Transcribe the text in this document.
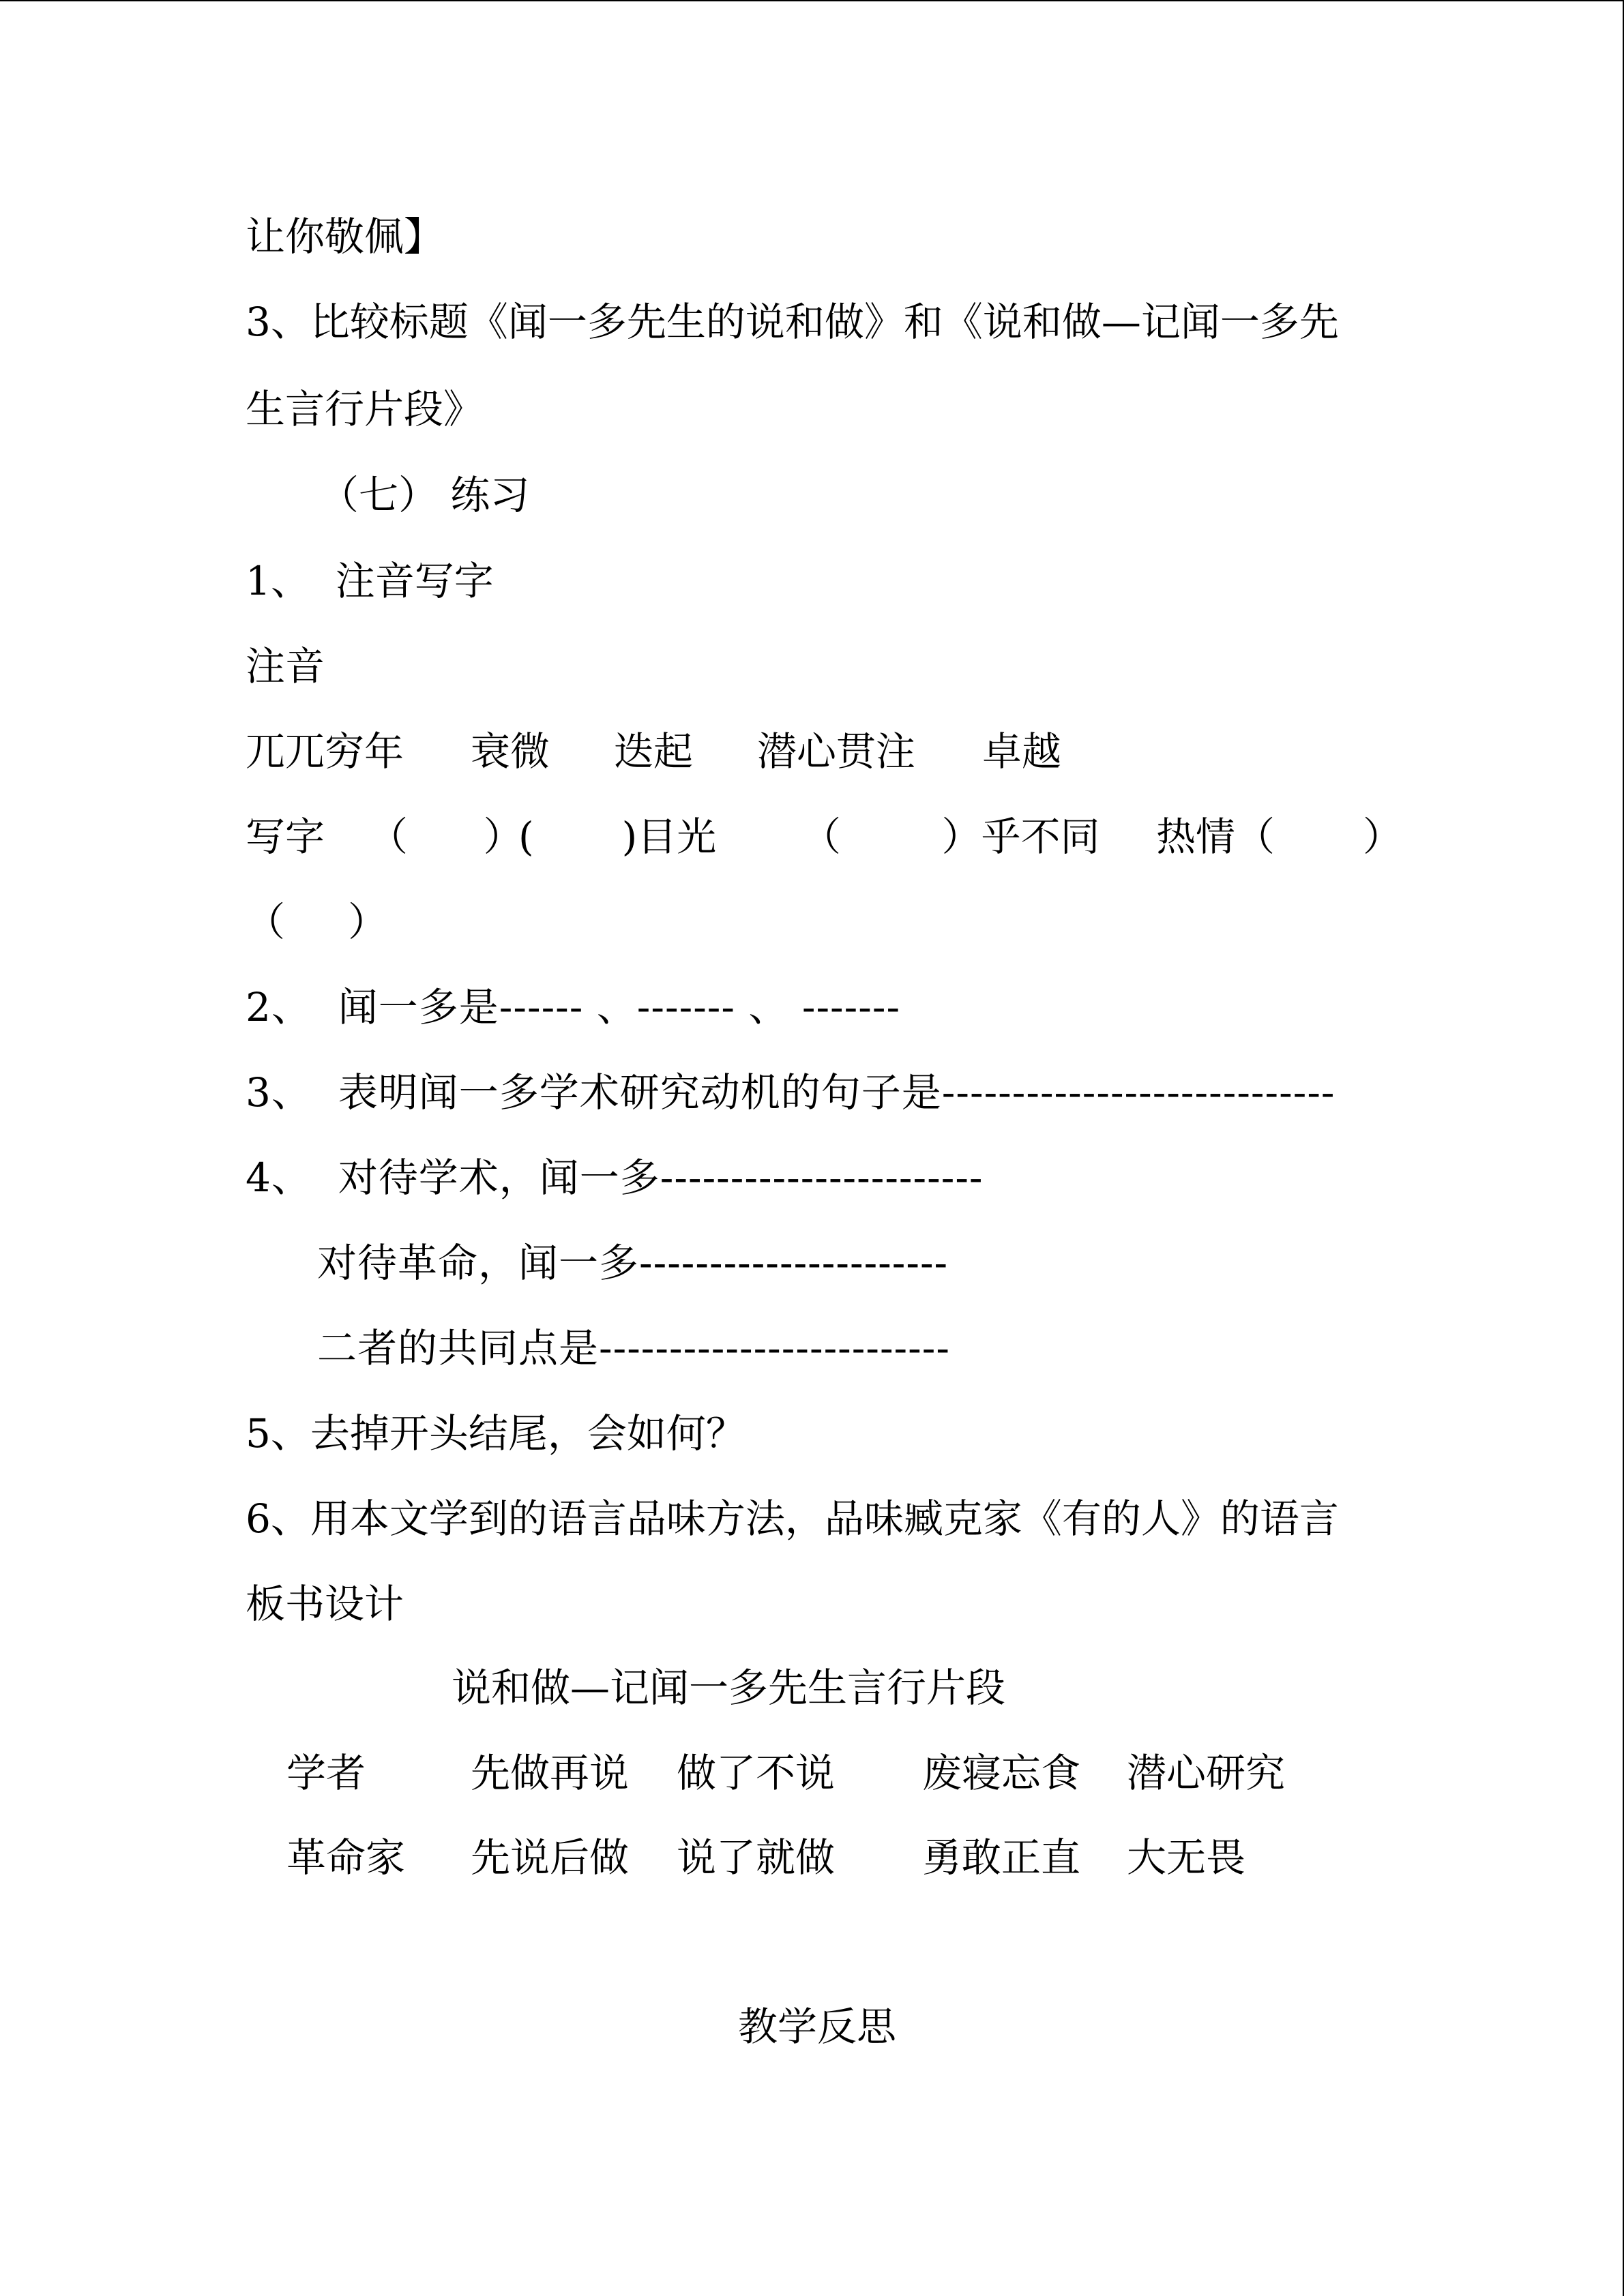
让你敬佩】
3、比较标题《闻一多先生的说和做》和《说和做—记闻一多先
生言行片段》
（七） 练习
1、  注音写字
注音
兀兀穷年 衰微 迭起 潜心贯注 卓越
写字 （      ）
(       )目光 （        ）乎不同 热情（       ）
（     ）
2、  闻一多是------ 、------- 、 -------
3、  表明闻一多学术研究动机的句子是----------------------------
4、  对待学术，闻一多-----------------------
对待革命，闻一多----------------------
二者的共同点是-------------------------
5、去掉开头结尾，会如何？
6、用本文学到的语言品味方法，品味臧克家《有的人》的语言
板书设计
说和做—记闻一多先生言行片段
学者	先做再说 做了不说 废寝忘食 潜心研究
革命家 先说后做 说了就做 勇敢正直 大无畏
教学反思
